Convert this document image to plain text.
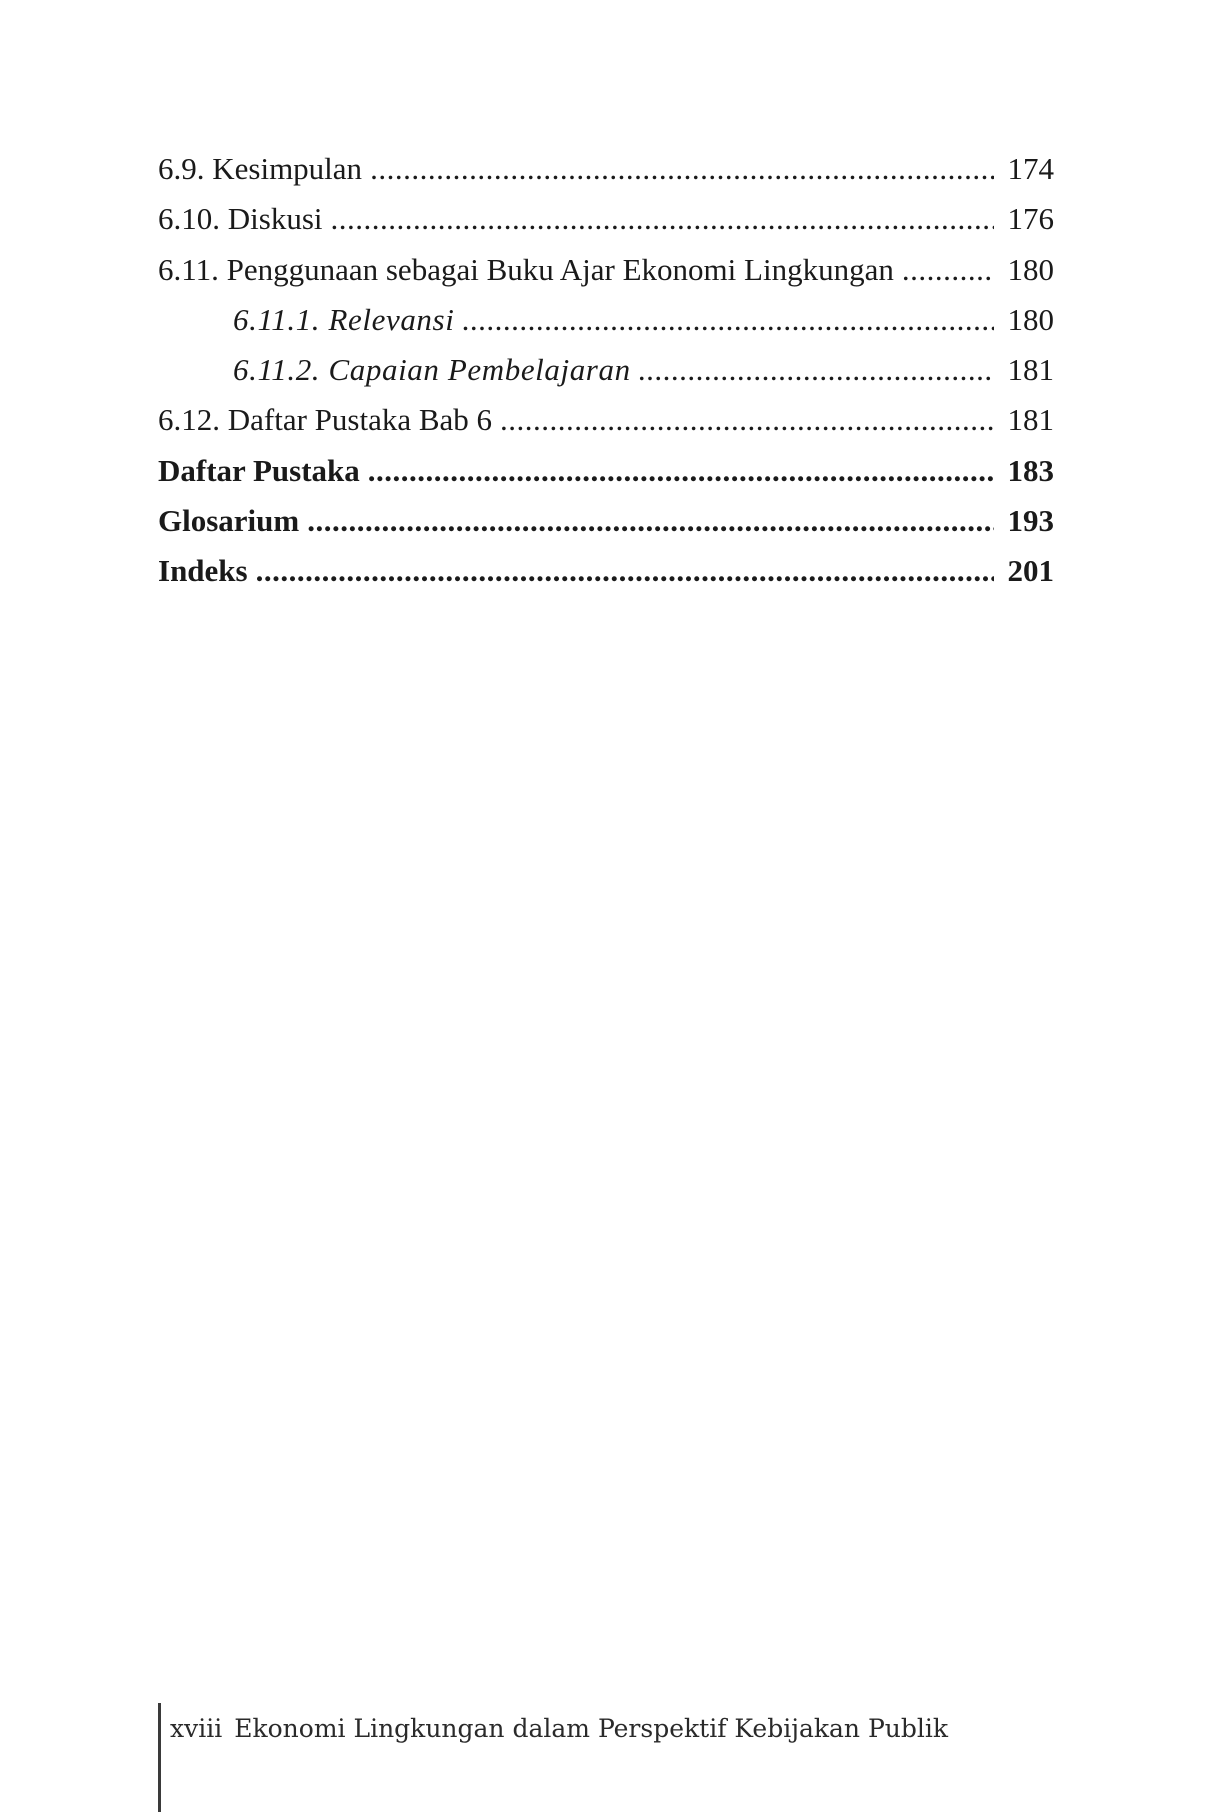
6.9. Kesimpulan .....	174
6.10. Diskusi .....	176
6.11. Penggunaan sebagai Buku Ajar Ekonomi Lingkungan .....	180
6.11.1. Relevansi .....	180
6.11.2. Capaian Pembelajaran .....	181
6.12. Daftar Pustaka Bab 6 .....	181
Daftar Pustaka .....	183
Glosarium .....	193
Indeks .....	201
xviii Ekonomi Lingkungan dalam Perspektif Kebijakan Publik
